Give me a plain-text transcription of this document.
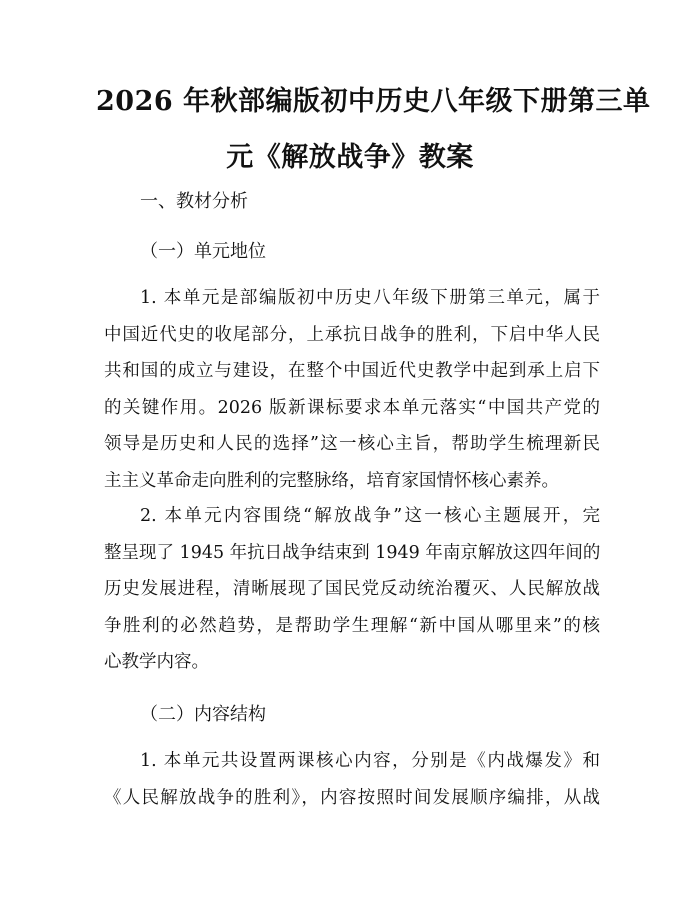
2026 年秋部编版初中历史八年级下册第三单
元《解放战争》教案
一、教材分析
（一）单元地位
1. 本单元是部编版初中历史八年级下册第三单元，属于
中国近代史的收尾部分，上承抗日战争的胜利，下启中华人民
共和国的成立与建设，在整个中国近代史教学中起到承上启下
的关键作用。2026 版新课标要求本单元落实“中国共产党的
领导是历史和人民的选择”这一核心主旨，帮助学生梳理新民
主主义革命走向胜利的完整脉络，培育家国情怀核心素养。
2. 本单元内容围绕“解放战争”这一核心主题展开，完
整呈现了 1945 年抗日战争结束到 1949 年南京解放这四年间的
历史发展进程，清晰展现了国民党反动统治覆灭、人民解放战
争胜利的必然趋势，是帮助学生理解“新中国从哪里来”的核
心教学内容。
（二）内容结构
1. 本单元共设置两课核心内容，分别是《内战爆发》和
《人民解放战争的胜利》，内容按照时间发展顺序编排，从战
